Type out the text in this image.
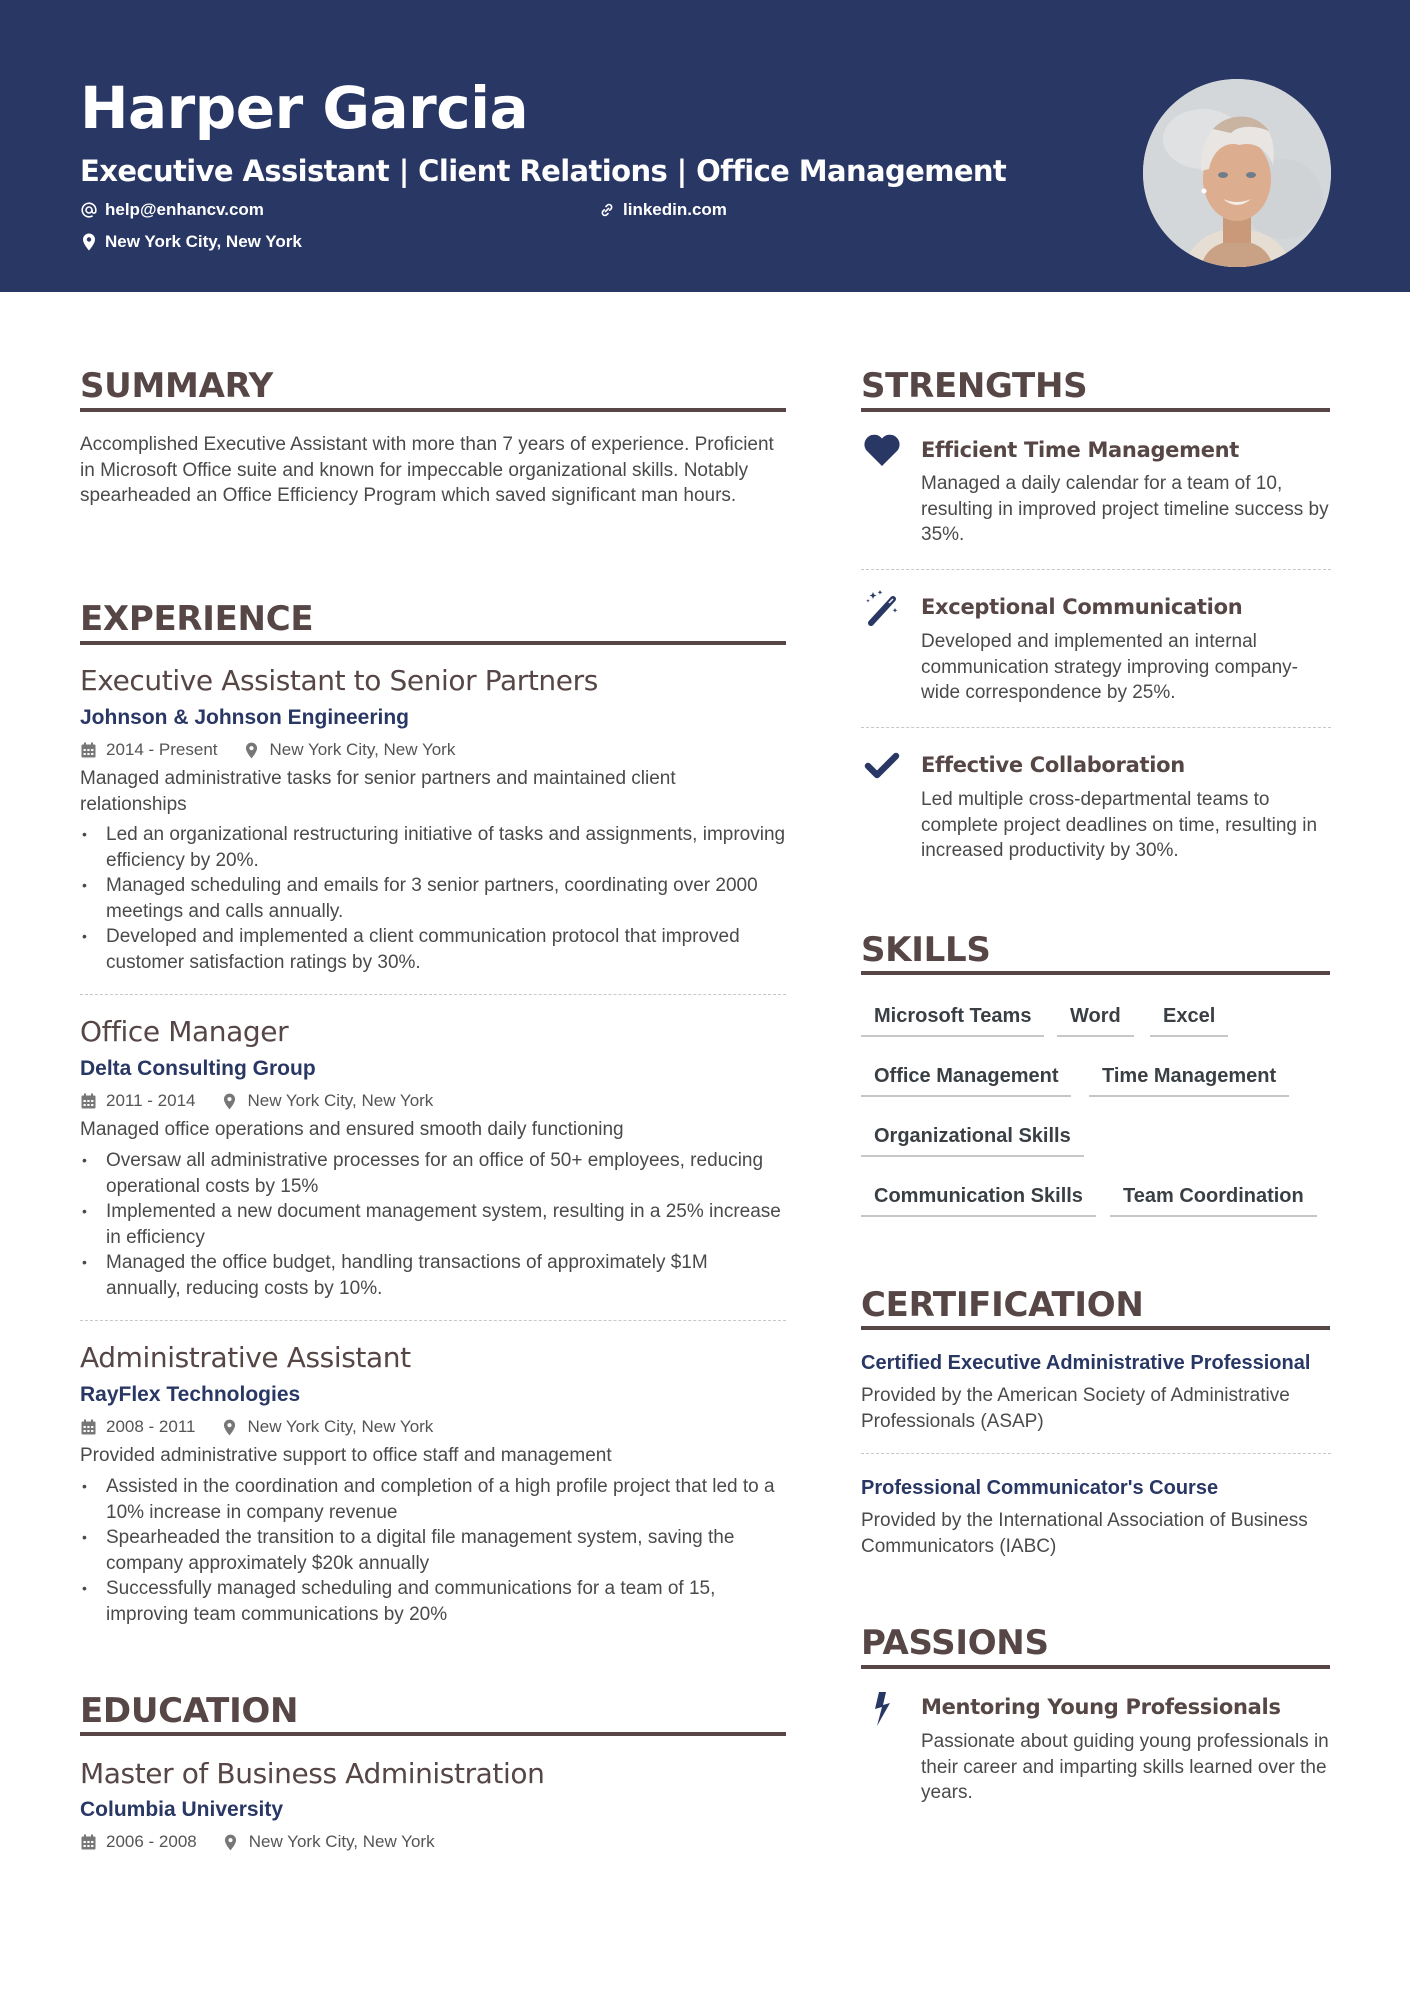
Harper Garcia
Executive Assistant | Client Relations | Office Management
help@enhancv.com	linkedin.com
New York City, New York
SUMMARY
Accomplished Executive Assistant with more than 7 years of experience. Proficient in Microsoft Office suite and known for impeccable organizational skills. Notably spearheaded an Office Efficiency Program which saved significant man hours.
EXPERIENCE
Executive Assistant to Senior Partners
Johnson & Johnson Engineering
2014 - Present	New York City, New York
Managed administrative tasks for senior partners and maintained client relationships
• Led an organizational restructuring initiative of tasks and assignments, improving efficiency by 20%.
• Managed scheduling and emails for 3 senior partners, coordinating over 2000 meetings and calls annually.
• Developed and implemented a client communication protocol that improved customer satisfaction ratings by 30%.
Office Manager
Delta Consulting Group
2011 - 2014	New York City, New York
Managed office operations and ensured smooth daily functioning
• Oversaw all administrative processes for an office of 50+ employees, reducing operational costs by 15%
• Implemented a new document management system, resulting in a 25% increase in efficiency
• Managed the office budget, handling transactions of approximately $1M annually, reducing costs by 10%.
Administrative Assistant
RayFlex Technologies
2008 - 2011	New York City, New York
Provided administrative support to office staff and management
• Assisted in the coordination and completion of a high profile project that led to a 10% increase in company revenue
• Spearheaded the transition to a digital file management system, saving the company approximately $20k annually
• Successfully managed scheduling and communications for a team of 15, improving team communications by 20%
EDUCATION
Master of Business Administration
Columbia University
2006 - 2008	New York City, New York
STRENGTHS
Efficient Time Management
Managed a daily calendar for a team of 10, resulting in improved project timeline success by 35%.
Exceptional Communication
Developed and implemented an internal communication strategy improving company-wide correspondence by 25%.
Effective Collaboration
Led multiple cross-departmental teams to complete project deadlines on time, resulting in increased productivity by 30%.
SKILLS
Microsoft Teams	Word	Excel
Office Management	Time Management
Organizational Skills
Communication Skills	Team Coordination
CERTIFICATION
Certified Executive Administrative Professional
Provided by the American Society of Administrative Professionals (ASAP)
Professional Communicator's Course
Provided by the International Association of Business Communicators (IABC)
PASSIONS
Mentoring Young Professionals
Passionate about guiding young professionals in their career and imparting skills learned over the years.
